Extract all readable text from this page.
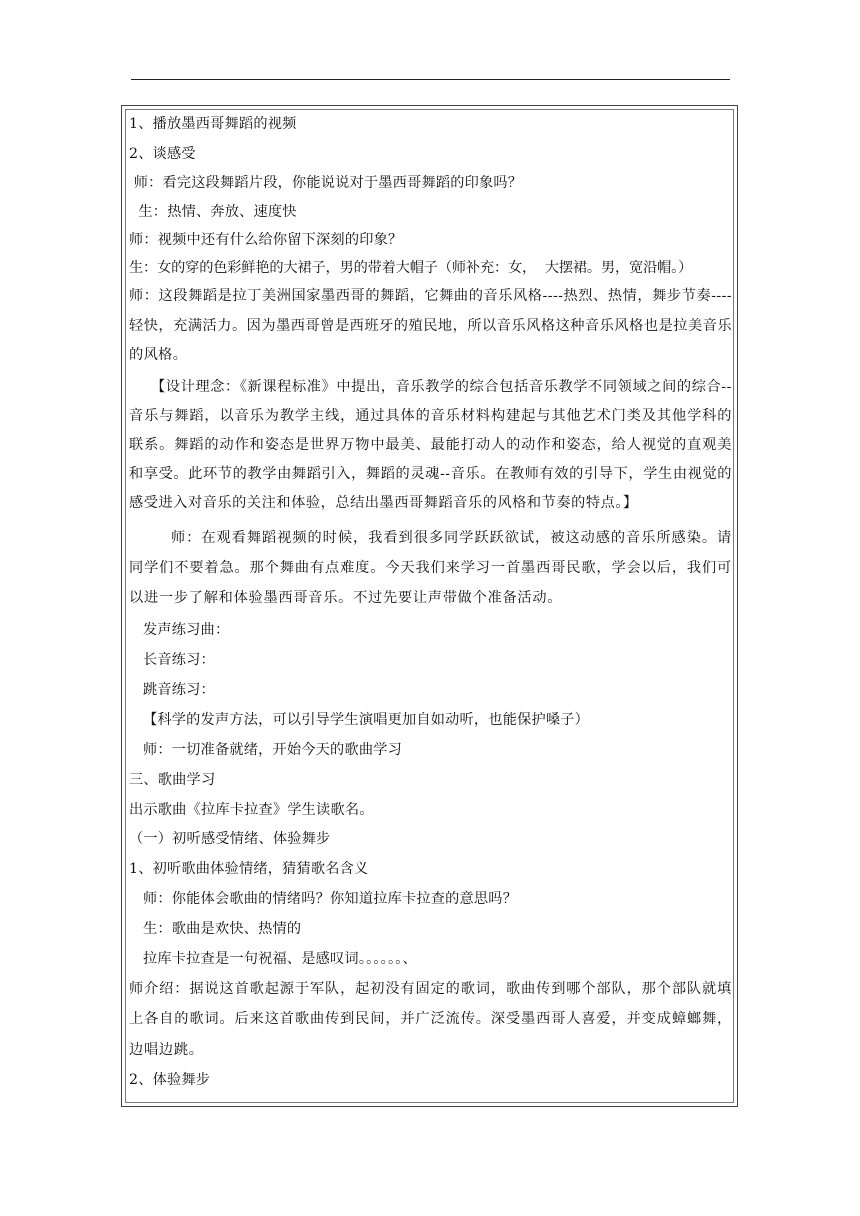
1、播放墨西哥舞蹈的视频

2、谈感受

师：看完这段舞蹈片段，你能说说对于墨西哥舞蹈的印象吗？

生：热情、奔放、速度快

师：视频中还有什么给你留下深刻的印象？

生：女的穿的色彩鲜艳的大裙子，男的带着大帽子（师补充：女，  大摆裙。男，宽沿帽。）

师：这段舞蹈是拉丁美洲国家墨西哥的舞蹈，它舞曲的音乐风格----热烈、热情，舞步节奏----轻快，充满活力。因为墨西哥曾是西班牙的殖民地，所以音乐风格这种音乐风格也是拉美音乐的风格。

【设计理念：《新课程标准》中提出，音乐教学的综合包括音乐教学不同领域之间的综合--音乐与舞蹈，以音乐为教学主线，通过具体的音乐材料构建起与其他艺术门类及其他学科的联系。舞蹈的动作和姿态是世界万物中最美、最能打动人的动作和姿态，给人视觉的直观美和享受。此环节的教学由舞蹈引入，舞蹈的灵魂--音乐。在教师有效的引导下，学生由视觉的感受进入对音乐的关注和体验，总结出墨西哥舞蹈音乐的风格和节奏的特点。】

师：在观看舞蹈视频的时候，我看到很多同学跃跃欲试，被这动感的音乐所感染。请同学们不要着急。那个舞曲有点难度。今天我们来学习一首墨西哥民歌，学会以后，我们可以进一步了解和体验墨西哥音乐。不过先要让声带做个准备活动。

发声练习曲：

长音练习：

跳音练习：

【科学的发声方法，可以引导学生演唱更加自如动听，也能保护嗓子）

师：一切准备就绪，开始今天的歌曲学习

三、歌曲学习

出示歌曲《拉库卡拉查》学生读歌名。

（一）初听感受情绪、体验舞步

1、初听歌曲体验情绪，猜猜歌名含义

师：你能体会歌曲的情绪吗？你知道拉库卡拉查的意思吗？

生：歌曲是欢快、热情的

拉库卡拉查是一句祝福、是感叹词。。。。。。、

师介绍：据说这首歌起源于军队，起初没有固定的歌词，歌曲传到哪个部队，那个部队就填上各自的歌词。后来这首歌曲传到民间，并广泛流传。深受墨西哥人喜爱，并变成蟑螂舞，边唱边跳。

2、体验舞步
